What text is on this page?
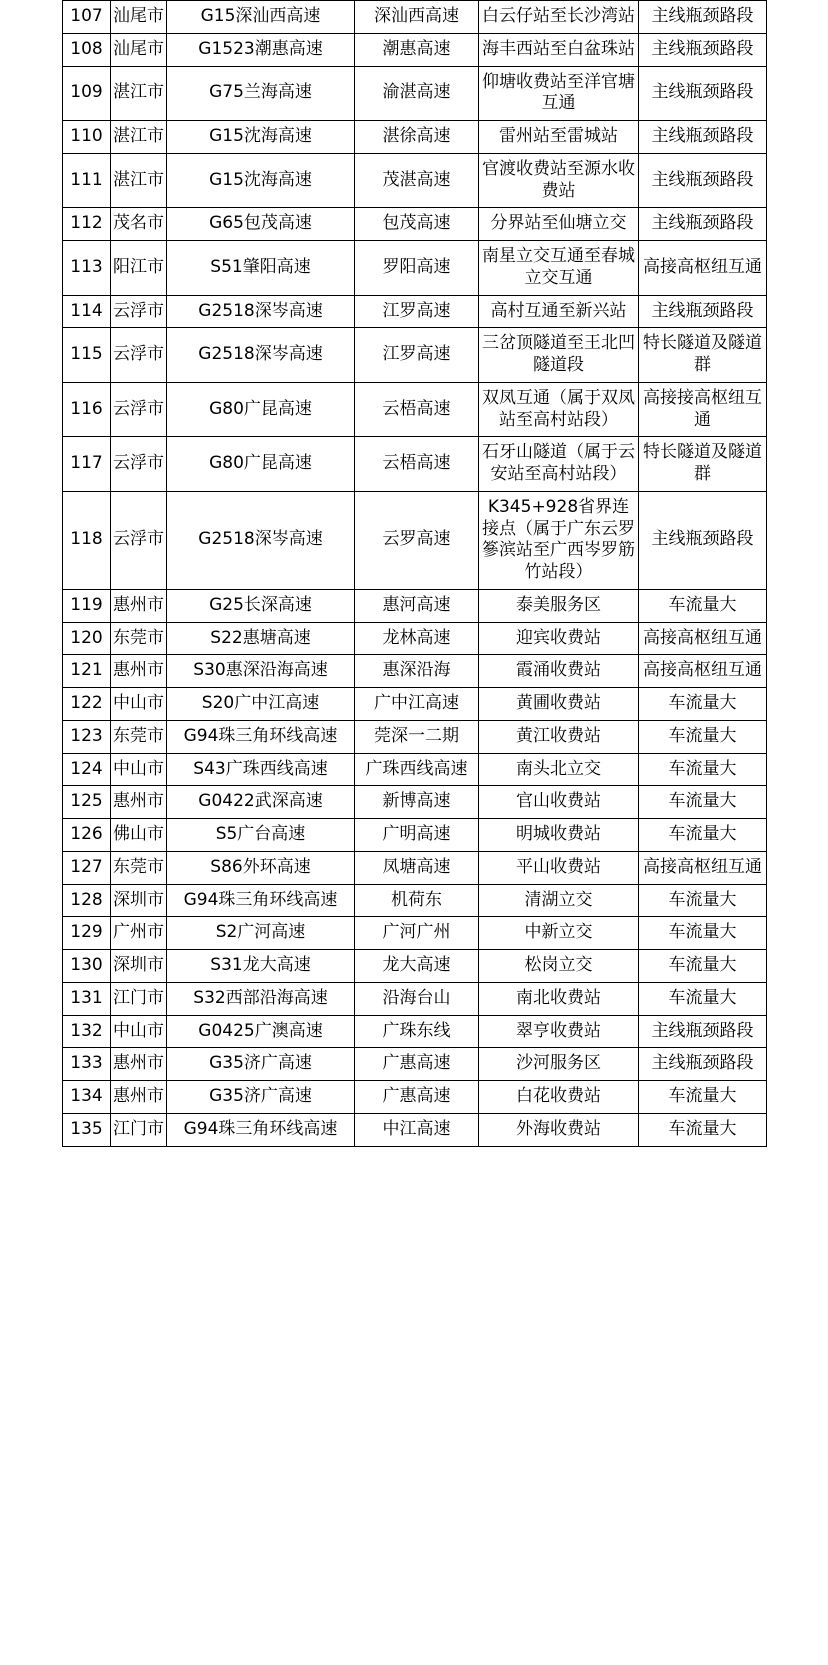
107	汕尾市	G15深汕西高速	深汕西高速	白云仔站至长沙湾站	主线瓶颈路段
108	汕尾市	G1523潮惠高速	潮惠高速	海丰西站至白盆珠站	主线瓶颈路段
109	湛江市	G75兰海高速	渝湛高速	仰塘收费站至洋官塘互通	主线瓶颈路段
110	湛江市	G15沈海高速	湛徐高速	雷州站至雷城站	主线瓶颈路段
111	湛江市	G15沈海高速	茂湛高速	官渡收费站至源水收费站	主线瓶颈路段
112	茂名市	G65包茂高速	包茂高速	分界站至仙塘立交	主线瓶颈路段
113	阳江市	S51肇阳高速	罗阳高速	南星立交互通至春城立交互通	高接高枢纽互通
114	云浮市	G2518深岑高速	江罗高速	高村互通至新兴站	主线瓶颈路段
115	云浮市	G2518深岑高速	江罗高速	三岔顶隧道至王北凹隧道段	特长隧道及隧道群
116	云浮市	G80广昆高速	云梧高速	双凤互通（属于双凤站至高村站段）	高接接高枢纽互通
117	云浮市	G80广昆高速	云梧高速	石牙山隧道（属于云安站至高村站段）	特长隧道及隧道群
118	云浮市	G2518深岑高速	云罗高速	K345+928省界连接点（属于广东云罗篸滨站至广西岑罗筋竹站段）	主线瓶颈路段
119	惠州市	G25长深高速	惠河高速	泰美服务区	车流量大
120	东莞市	S22惠塘高速	龙林高速	迎宾收费站	高接高枢纽互通
121	惠州市	S30惠深沿海高速	惠深沿海	霞涌收费站	高接高枢纽互通
122	中山市	S20广中江高速	广中江高速	黄圃收费站	车流量大
123	东莞市	G94珠三角环线高速	莞深一二期	黄江收费站	车流量大
124	中山市	S43广珠西线高速	广珠西线高速	南头北立交	车流量大
125	惠州市	G0422武深高速	新博高速	官山收费站	车流量大
126	佛山市	S5广台高速	广明高速	明城收费站	车流量大
127	东莞市	S86外环高速	凤塘高速	平山收费站	高接高枢纽互通
128	深圳市	G94珠三角环线高速	机荷东	清湖立交	车流量大
129	广州市	S2广河高速	广河广州	中新立交	车流量大
130	深圳市	S31龙大高速	龙大高速	松岗立交	车流量大
131	江门市	S32西部沿海高速	沿海台山	南北收费站	车流量大
132	中山市	G0425广澳高速	广珠东线	翠亨收费站	主线瓶颈路段
133	惠州市	G35济广高速	广惠高速	沙河服务区	主线瓶颈路段
134	惠州市	G35济广高速	广惠高速	白花收费站	车流量大
135	江门市	G94珠三角环线高速	中江高速	外海收费站	车流量大
